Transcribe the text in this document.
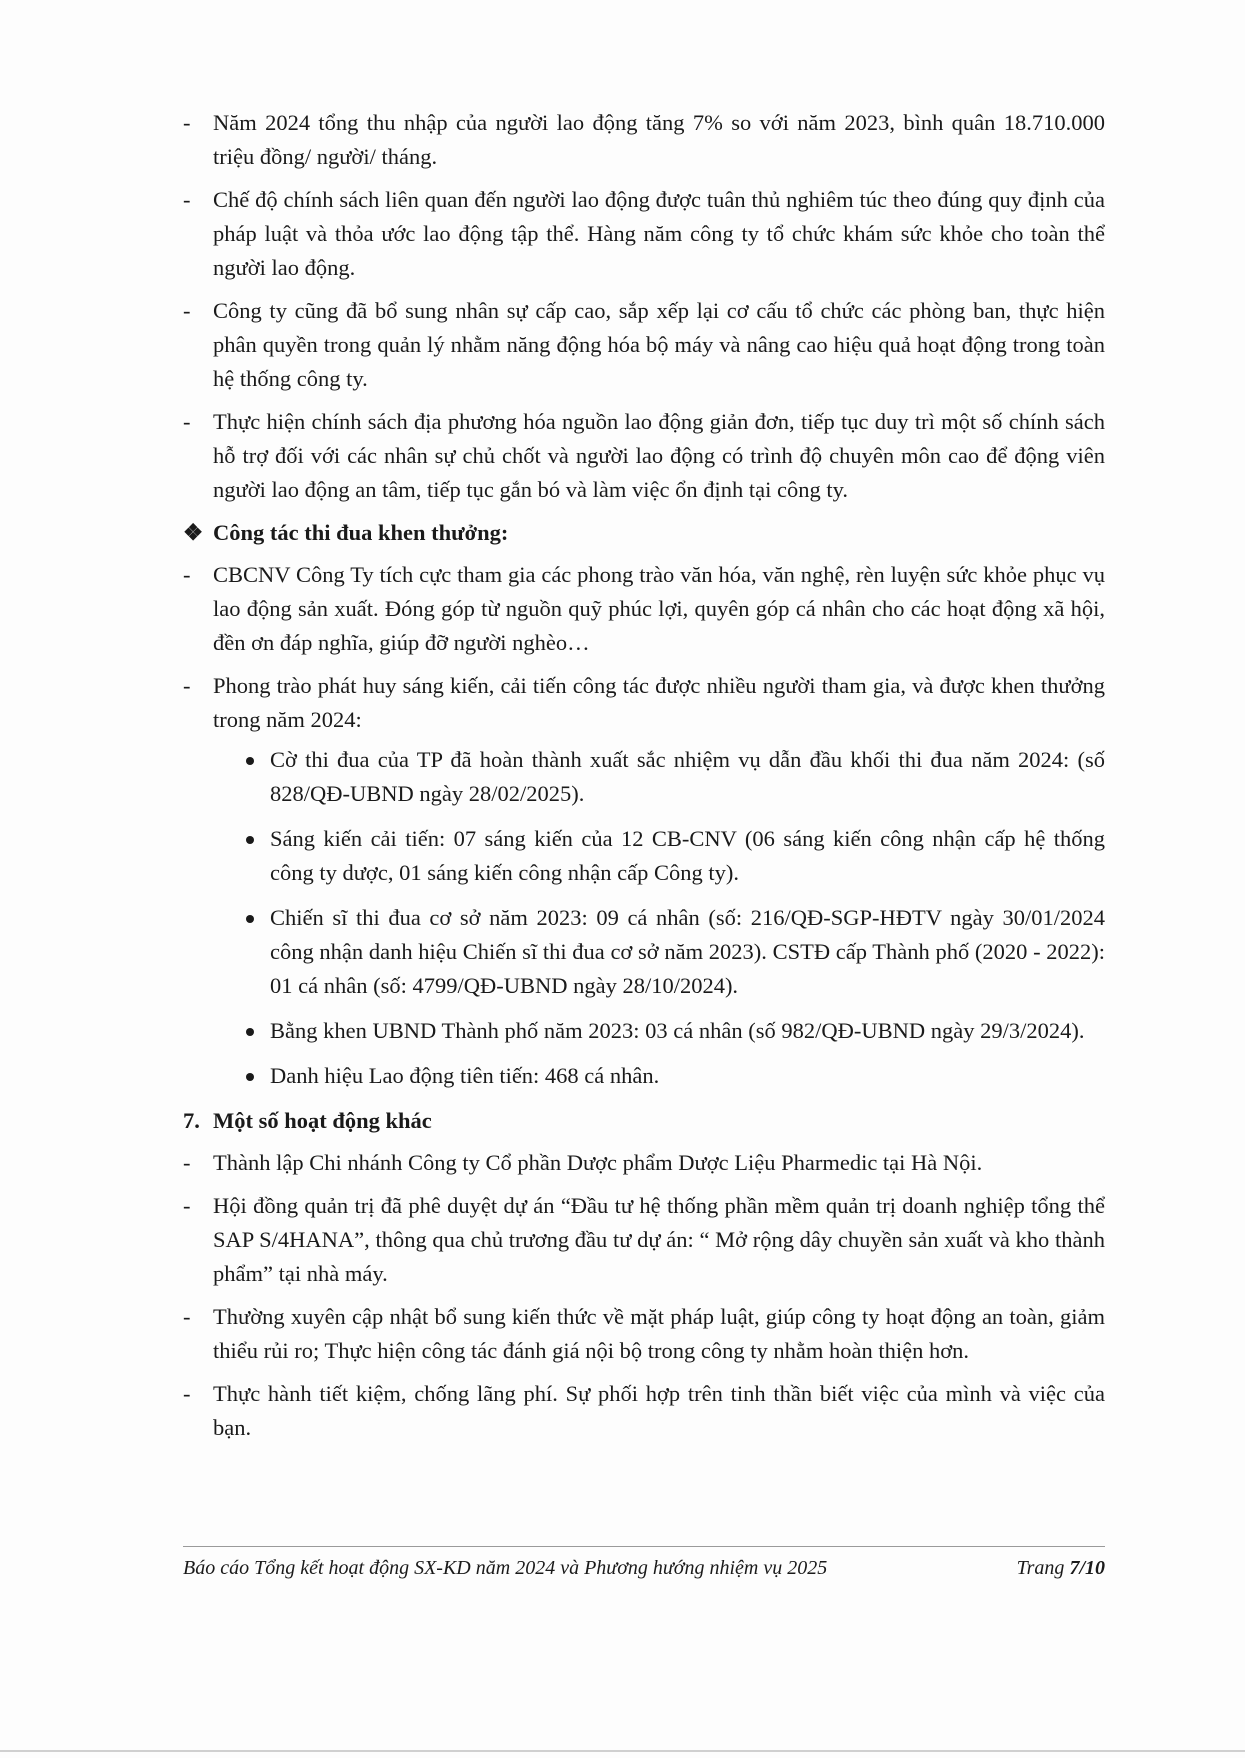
- Năm 2024 tổng thu nhập của người lao động tăng 7% so với năm 2023, bình quân 18.710.000 triệu đồng/ người/ tháng.
- Chế độ chính sách liên quan đến người lao động được tuân thủ nghiêm túc theo đúng quy định của pháp luật và thỏa ước lao động tập thể. Hàng năm công ty tổ chức khám sức khỏe cho toàn thể người lao động.
- Công ty cũng đã bổ sung nhân sự cấp cao, sắp xếp lại cơ cấu tổ chức các phòng ban, thực hiện phân quyền trong quản lý nhằm năng động hóa bộ máy và nâng cao hiệu quả hoạt động trong toàn hệ thống công ty.
- Thực hiện chính sách địa phương hóa nguồn lao động giản đơn, tiếp tục duy trì một số chính sách hỗ trợ đối với các nhân sự chủ chốt và người lao động có trình độ chuyên môn cao để động viên người lao động an tâm, tiếp tục gắn bó và làm việc ổn định tại công ty.
❖ Công tác thi đua khen thưởng:
- CBCNV Công Ty tích cực tham gia các phong trào văn hóa, văn nghệ, rèn luyện sức khỏe phục vụ lao động sản xuất. Đóng góp từ nguồn quỹ phúc lợi, quyên góp cá nhân cho các hoạt động xã hội, đền ơn đáp nghĩa, giúp đỡ người nghèo…
- Phong trào phát huy sáng kiến, cải tiến công tác được nhiều người tham gia, và được khen thưởng trong năm 2024:
Cờ thi đua của TP đã hoàn thành xuất sắc nhiệm vụ dẫn đầu khối thi đua năm 2024: (số 828/QĐ-UBND ngày 28/02/2025).
Sáng kiến cải tiến: 07 sáng kiến của 12 CB-CNV (06 sáng kiến công nhận cấp hệ thống công ty dược, 01 sáng kiến công nhận cấp Công ty).
Chiến sĩ thi đua cơ sở năm 2023: 09 cá nhân (số: 216/QĐ-SGP-HĐTV ngày 30/01/2024 công nhận danh hiệu Chiến sĩ thi đua cơ sở năm 2023). CSTĐ cấp Thành phố (2020 - 2022): 01 cá nhân (số: 4799/QĐ-UBND ngày 28/10/2024).
Bằng khen UBND Thành phố năm 2023: 03 cá nhân (số 982/QĐ-UBND ngày 29/3/2024).
Danh hiệu Lao động tiên tiến: 468 cá nhân.
7. Một số hoạt động khác
- Thành lập Chi nhánh Công ty Cổ phần Dược phẩm Dược Liệu Pharmedic tại Hà Nội.
- Hội đồng quản trị đã phê duyệt dự án “Đầu tư hệ thống phần mềm quản trị doanh nghiệp tổng thể SAP S/4HANA”, thông qua chủ trương đầu tư dự án: “ Mở rộng dây chuyền sản xuất và kho thành phẩm” tại nhà máy.
- Thường xuyên cập nhật bổ sung kiến thức về mặt pháp luật, giúp công ty hoạt động an toàn, giảm thiểu rủi ro; Thực hiện công tác đánh giá nội bộ trong công ty nhằm hoàn thiện hơn.
- Thực hành tiết kiệm, chống lãng phí. Sự phối hợp trên tinh thần biết việc của mình và việc của bạn.
Báo cáo Tổng kết hoạt động SX-KD năm 2024 và Phương hướng nhiệm vụ 2025	Trang 7/10
